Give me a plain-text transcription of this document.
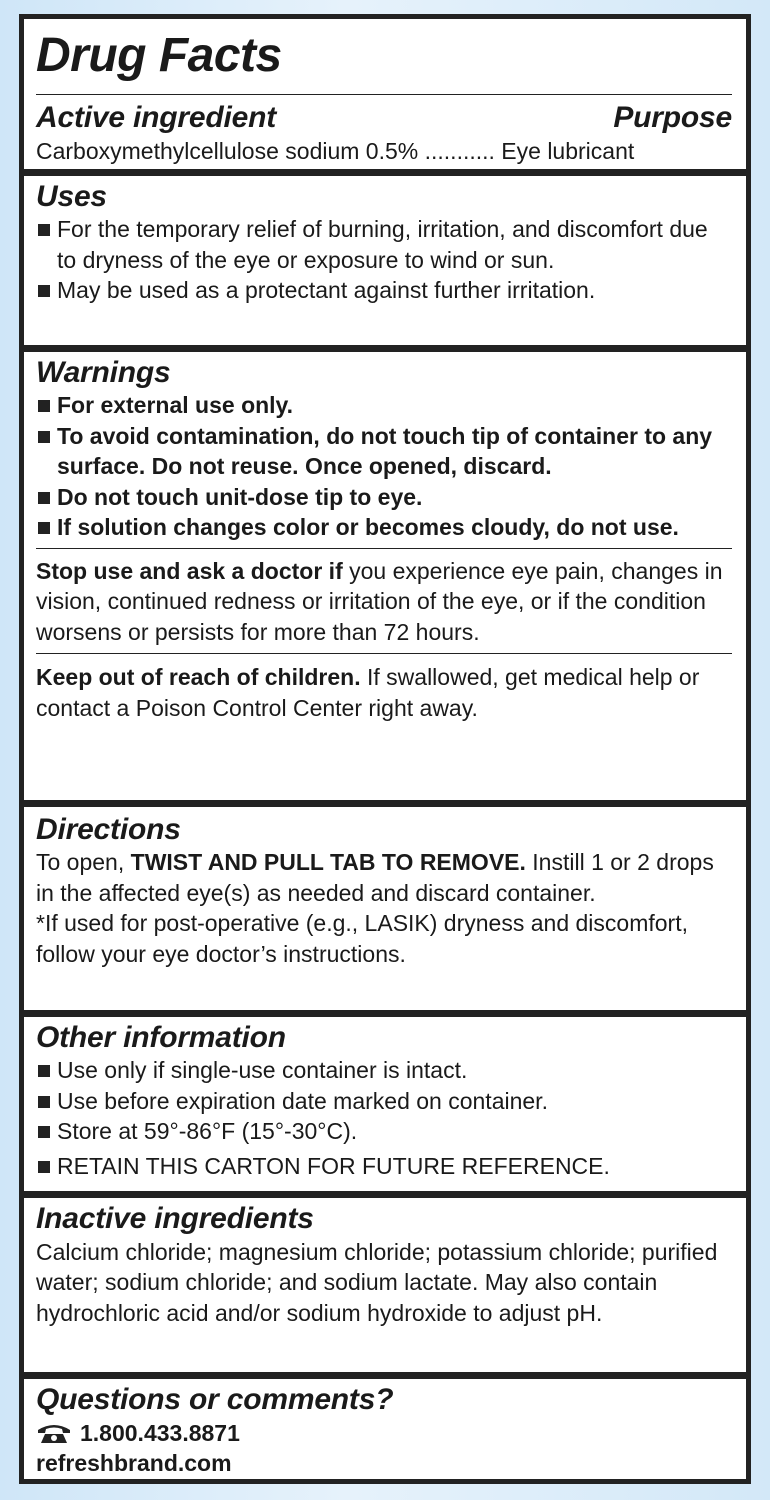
Drug Facts
Active ingredient	Purpose
Carboxymethylcellulose sodium 0.5% ........... Eye lubricant
Uses
For the temporary relief of burning, irritation, and discomfort due to dryness of the eye or exposure to wind or sun.
May be used as a protectant against further irritation.
Warnings
For external use only.
To avoid contamination, do not touch tip of container to any surface. Do not reuse. Once opened, discard.
Do not touch unit-dose tip to eye.
If solution changes color or becomes cloudy, do not use.
Stop use and ask a doctor if you experience eye pain, changes in vision, continued redness or irritation of the eye, or if the condition worsens or persists for more than 72 hours.
Keep out of reach of children. If swallowed, get medical help or contact a Poison Control Center right away.
Directions
To open, TWIST AND PULL TAB TO REMOVE. Instill 1 or 2 drops in the affected eye(s) as needed and discard container.
*If used for post-operative (e.g., LASIK) dryness and discomfort, follow your eye doctor’s instructions.
Other information
Use only if single-use container is intact.
Use before expiration date marked on container.
Store at 59°-86°F (15°-30°C).
RETAIN THIS CARTON FOR FUTURE REFERENCE.
Inactive ingredients
Calcium chloride; magnesium chloride; potassium chloride; purified water; sodium chloride; and sodium lactate. May also contain hydrochloric acid and/or sodium hydroxide to adjust pH.
Questions or comments?
1.800.433.8871
refreshbrand.com
